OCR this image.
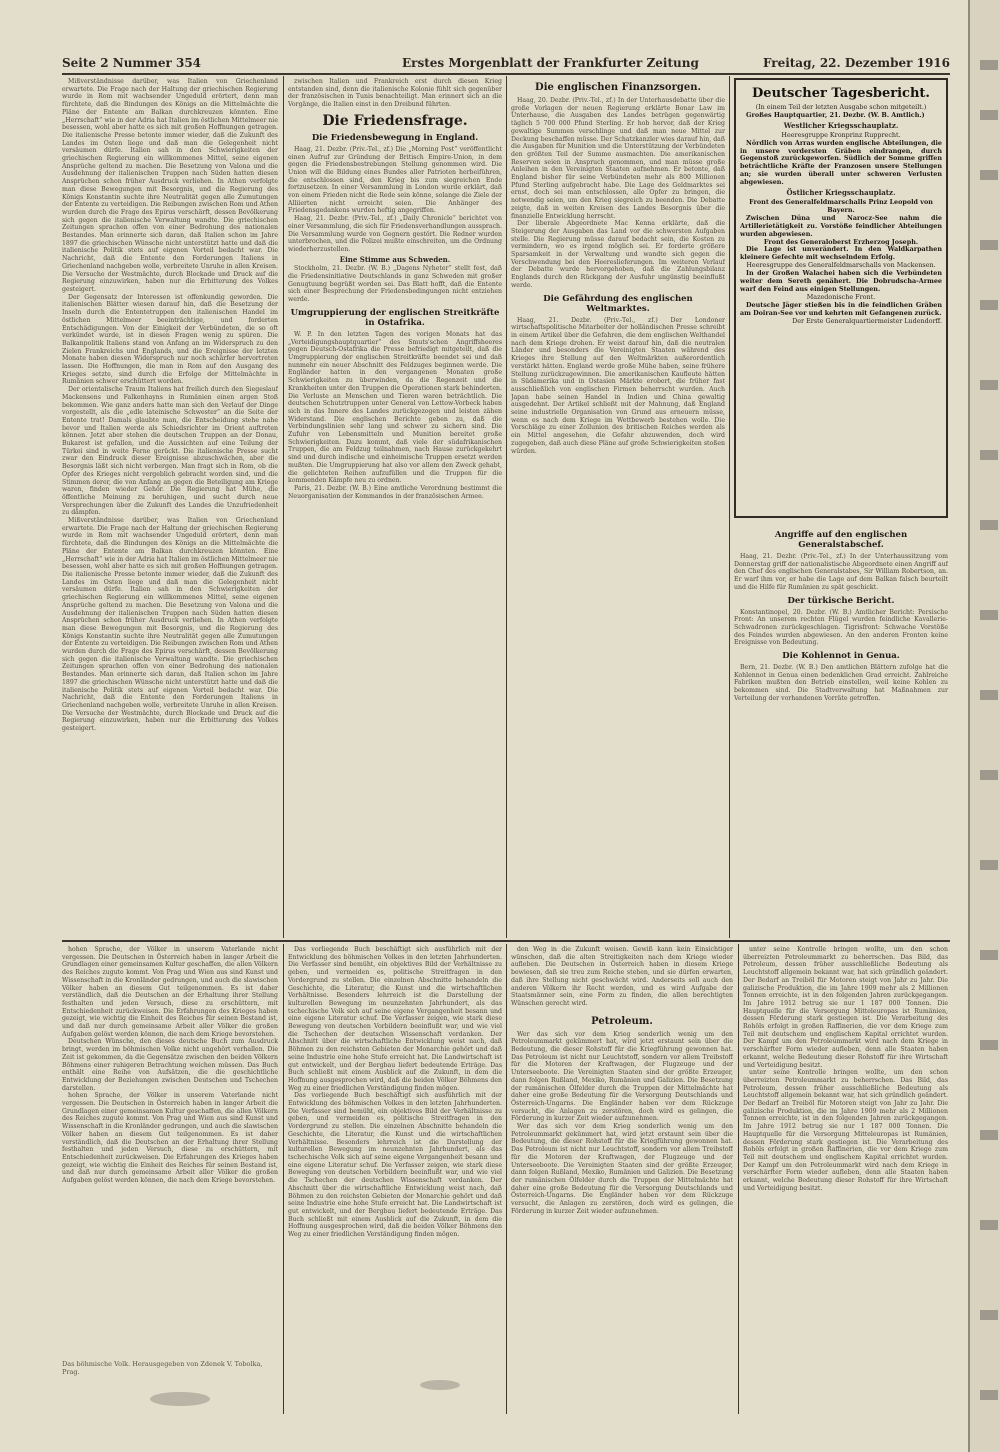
Seite 2 Nummer 354	Erstes Morgenblatt der Frankfurter Zeitung	Freitag, 22. Dezember 1916

Mißverständnisse darüber, was Italien von Griechenland erwartete. Die Frage nach der Haltung der griechischen Regierung wurde in Rom mit wachsender Ungeduld erörtert, denn man fürchtete, daß die Bindungen des Königs an die Mittelmächte die Pläne der Entente am Balkan durchkreuzen könnten. Eine „Herrschaft“ wie in der Adria hat Italien im östlichen Mittelmeer nie besessen, wohl aber hatte es sich mit großen Hoffnungen getragen. Die italienische Presse betonte immer wieder, daß die Zukunft des Landes im Osten liege und daß man die Gelegenheit nicht versäumen dürfe. Italien sah in den Schwierigkeiten der griechischen Regierung ein willkommenes Mittel, seine eigenen Ansprüche geltend zu machen. Die Besetzung von Valona und die Ausdehnung der italienischen Truppen nach Süden hatten diesen Ansprüchen schon früher Ausdruck verliehen. In Athen verfolgte man diese Bewegungen mit Besorgnis, und die Regierung des Königs Konstantin suchte ihre Neutralität gegen alle Zumutungen der Entente zu verteidigen. Die Reibungen zwischen Rom und Athen wurden durch die Frage des Epirus verschärft, dessen Bevölkerung sich gegen die italienische Verwaltung wandte. Die griechischen Zeitungen sprachen offen von einer Bedrohung des nationalen Bestandes. Man erinnerte sich daran, daß Italien schon im Jahre 1897 die griechischen Wünsche nicht unterstützt hatte und daß die italienische Politik stets auf eigenen Vorteil bedacht war. Die Nachricht, daß die Entente den Forderungen Italiens in Griechenland nachgeben wolle, verbreitete Unruhe in allen Kreisen. Die Versuche der Westmächte, durch Blockade und Druck auf die Regierung einzuwirken, haben nur die Erbitterung des Volkes gesteigert.

Der Gegensatz der Interessen ist offenkundig geworden. Die italienischen Blätter wiesen darauf hin, daß die Besetzung der Inseln durch die Ententetruppen den italienischen Handel im östlichen Mittelmeer beeinträchtige, und forderten Entschädigungen. Von der Einigkeit der Verbündeten, die so oft verkündet wurde, ist in diesen Fragen wenig zu spüren. Die Balkanpolitik Italiens stand von Anfang an im Widerspruch zu den Zielen Frankreichs und Englands, und die Ereignisse der letzten Monate haben diesen Widerspruch nur noch schärfer hervortreten lassen. Die Hoffnungen, die man in Rom auf den Ausgang des Krieges setzte, sind durch die Erfolge der Mittelmächte in Rumänien schwer erschüttert worden.

Der orientalische Traum Italiens hat freilich durch den Siegeslauf Mackensens und Falkenhayns in Rumänien einen argen Stoß bekommen. Wie ganz anders hatte man sich den Verlauf der Dinge vorgestellt, als die „edle lateinische Schwester“ an die Seite der Entente trat! Damals glaubte man, die Entscheidung stehe nahe bevor und Italien werde als Schiedsrichter im Orient auftreten können. Jetzt aber stehen die deutschen Truppen an der Donau, Bukarest ist gefallen, und die Aussichten auf eine Teilung der Türkei sind in weite Ferne gerückt. Die italienische Presse sucht zwar den Eindruck dieser Ereignisse abzuschwächen, aber die Besorgnis läßt sich nicht verbergen. Man fragt sich in Rom, ob die Opfer des Krieges nicht vergeblich gebracht worden sind, und die Stimmen derer, die von Anfang an gegen die Beteiligung am Kriege waren, finden wieder Gehör. Die Regierung hat Mühe, die öffentliche Meinung zu beruhigen, und sucht durch neue Versprechungen über die Zukunft des Landes die Unzufriedenheit zu dämpfen.

Mißverständnisse darüber, was Italien von Griechenland erwartete. Die Frage nach der Haltung der griechischen Regierung wurde in Rom mit wachsender Ungeduld erörtert, denn man fürchtete, daß die Bindungen des Königs an die Mittelmächte die Pläne der Entente am Balkan durchkreuzen könnten. Eine „Herrschaft“ wie in der Adria hat Italien im östlichen Mittelmeer nie besessen, wohl aber hatte es sich mit großen Hoffnungen getragen. Die italienische Presse betonte immer wieder, daß die Zukunft des Landes im Osten liege und daß man die Gelegenheit nicht versäumen dürfe. Italien sah in den Schwierigkeiten der griechischen Regierung ein willkommenes Mittel, seine eigenen Ansprüche geltend zu machen. Die Besetzung von Valona und die Ausdehnung der italienischen Truppen nach Süden hatten diesen Ansprüchen schon früher Ausdruck verliehen. In Athen verfolgte man diese Bewegungen mit Besorgnis, und die Regierung des Königs Konstantin suchte ihre Neutralität gegen alle Zumutungen der Entente zu verteidigen. Die Reibungen zwischen Rom und Athen wurden durch die Frage des Epirus verschärft, dessen Bevölkerung sich gegen die italienische Verwaltung wandte. Die griechischen Zeitungen sprachen offen von einer Bedrohung des nationalen Bestandes. Man erinnerte sich daran, daß Italien schon im Jahre 1897 die griechischen Wünsche nicht unterstützt hatte und daß die italienische Politik stets auf eigenen Vorteil bedacht war. Die Nachricht, daß die Entente den Forderungen Italiens in Griechenland nachgeben wolle, verbreitete Unruhe in allen Kreisen. Die Versuche der Westmächte, durch Blockade und Druck auf die Regierung einzuwirken, haben nur die Erbitterung des Volkes gesteigert.

zwischen Italien und Frankreich erst durch diesen Krieg entstanden sind, denn die italienische Kolonie fühlt sich gegenüber der französischen in Tunis benachteiligt. Man erinnert sich an die Vorgänge, die Italien einst in den Dreibund führten.

Die Friedensfrage.
Die Friedensbewegung in England.

Haag, 21. Dezbr. (Priv.-Tel., zf.) Die „Morning Post“ veröffentlicht einen Aufruf zur Gründung der Britisch Empire-Union, in dem gegen die Friedensbestrebungen Stellung genommen wird. Die Union will die Bildung eines Bundes aller Patrioten herbeiführen, die entschlossen sind, den Krieg bis zum siegreichen Ende fortzusetzen. In einer Versammlung in London wurde erklärt, daß von einem Frieden nicht die Rede sein könne, solange die Ziele der Alliierten nicht erreicht seien. Die Anhänger des Friedensgedankens wurden heftig angegriffen.

Haag, 21. Dezbr. (Priv.-Tel., zf.) „Daily Chronicle“ berichtet von einer Versammlung, die sich für Friedensverhandlungen aussprach. Die Versammlung wurde von Gegnern gestört. Die Redner wurden unterbrochen, und die Polizei mußte einschreiten, um die Ordnung wiederherzustellen.

Eine Stimme aus Schweden.

Stockholm, 21. Dezbr. (W. B.) „Dagens Nyheter“ stellt fest, daß die Friedensinitiative Deutschlands in ganz Schweden mit großer Genugtuung begrüßt worden sei. Das Blatt hofft, daß die Entente sich einer Besprechung der Friedensbedingungen nicht entziehen werde.

Umgruppierung der englischen Streitkräfte in Ostafrika.

W. P. In den letzten Tagen des vorigen Monats hat das „Verteidigungshauptquartier“ des Smuts'schen Angriffsheeres gegen Deutsch-Ostafrika die Presse befriedigt mitgeteilt, daß die Umgruppierung der englischen Streitkräfte beendet sei und daß nunmehr ein neuer Abschnitt des Feldzuges beginnen werde. Die Engländer hatten in den vergangenen Monaten große Schwierigkeiten zu überwinden, da die Regenzeit und die Krankheiten unter den Truppen die Operationen stark behinderten. Die Verluste an Menschen und Tieren waren beträchtlich. Die deutschen Schutztruppen unter General von Lettow-Vorbeck haben sich in das Innere des Landes zurückgezogen und leisten zähen Widerstand. Die englischen Berichte geben zu, daß die Verbindungslinien sehr lang und schwer zu sichern sind. Die Zufuhr von Lebensmitteln und Munition bereitet große Schwierigkeiten. Dazu kommt, daß viele der südafrikanischen Truppen, die am Feldzug teilnahmen, nach Hause zurückgekehrt sind und durch indische und einheimische Truppen ersetzt werden mußten. Die Umgruppierung hat also vor allem den Zweck gehabt, die gelichteten Reihen aufzufüllen und die Truppen für die kommenden Kämpfe neu zu ordnen.

Paris, 21. Dezbr. (W. B.) Eine amtliche Verordnung bestimmt die Neuorganisation der Kommandos in der französischen Armee.

Die englischen Finanzsorgen.

Haag, 20. Dezbr. (Priv.-Tel., zf.) In der Unterhausdebatte über die große Vorlagen der neuen Regierung erklärte Bonar Law im Unterhause, die Ausgaben des Landes betrügen gegenwärtig täglich 5 700 000 Pfund Sterling. Er hob hervor, daß der Krieg gewaltige Summen verschlinge und daß man neue Mittel zur Deckung beschaffen müsse. Der Schatzkanzler wies darauf hin, daß die Ausgaben für Munition und die Unterstützung der Verbündeten den größten Teil der Summe ausmachten. Die amerikanischen Reserven seien in Anspruch genommen, und man müsse große Anleihen in den Vereinigten Staaten aufnehmen. Er betonte, daß England bisher für seine Verbündeten mehr als 800 Millionen Pfund Sterling aufgebracht habe. Die Lage des Geldmarktes sei ernst, doch sei man entschlossen, alle Opfer zu bringen, die notwendig seien, um den Krieg siegreich zu beenden. Die Debatte zeigte, daß in weiten Kreisen des Landes Besorgnis über die finanzielle Entwicklung herrscht.

Der liberale Abgeordnete Mac Kenna erklärte, daß die Steigerung der Ausgaben das Land vor die schwersten Aufgaben stelle. Die Regierung müsse darauf bedacht sein, die Kosten zu vermindern, wo es irgend möglich sei. Er forderte größere Sparsamkeit in der Verwaltung und wandte sich gegen die Verschwendung bei den Heereslieferungen. Im weiteren Verlauf der Debatte wurde hervorgehoben, daß die Zahlungsbilanz Englands durch den Rückgang der Ausfuhr ungünstig beeinflußt werde.

Die Gefährdung des englischen Weltmarktes.

Haag, 21. Dezbr. (Priv.-Tel., zf.) Der Londoner wirtschaftspolitische Mitarbeiter der holländischen Presse schreibt in einem Artikel über die Gefahren, die dem englischen Welthandel nach dem Kriege drohen. Er weist darauf hin, daß die neutralen Länder und besonders die Vereinigten Staaten während des Krieges ihre Stellung auf den Weltmärkten außerordentlich verstärkt hätten. England werde große Mühe haben, seine frühere Stellung zurückzugewinnen. Die amerikanischen Kaufleute hätten in Südamerika und in Ostasien Märkte erobert, die früher fast ausschließlich von englischen Firmen beherrscht wurden. Auch Japan habe seinen Handel in Indien und China gewaltig ausgedehnt. Der Artikel schließt mit der Mahnung, daß England seine industrielle Organisation von Grund aus erneuern müsse, wenn es nach dem Kriege im Wettbewerb bestehen wolle. Die Vorschläge zu einer Zollunion des britischen Reiches werden als ein Mittel angesehen, die Gefahr abzuwenden, doch wird zugegeben, daß auch diese Pläne auf große Schwierigkeiten stoßen würden.

Deutscher Tagesbericht.

(In einem Teil der letzten Ausgabe schon mitgeteilt.)

Großes Hauptquartier, 21. Dezbr. (W. B. Amtlich.)

Westlicher Kriegsschauplatz.

Heeresgruppe Kronprinz Rupprecht.

Nördlich von Arras wurden englische Abteilungen, die in unsere vordersten Gräben eindrangen, durch Gegenstoß zurückgeworfen. Südlich der Somme griffen beträchtliche Kräfte der Franzosen unsere Stellungen an; sie wurden überall unter schweren Verlusten abgewiesen.

Östlicher Kriegsschauplatz.

Front des Generalfeldmarschalls Prinz Leopold von Bayern.

Zwischen Düna und Narocz-See nahm die Artillerietätigkeit zu. Vorstöße feindlicher Abteilungen wurden abgewiesen.

Front des Generaloberst Erzherzog Joseph.

Die Lage ist unverändert. In den Waldkarpathen kleinere Gefechte mit wechselndem Erfolg.

Heeresgruppe des Generalfeldmarschalls von Mackensen.

In der Großen Walachei haben sich die Verbündeten weiter dem Sereth genähert. Die Dobrudscha-Armee warf den Feind aus einigen Stellungen.

Mazedonische Front.

Deutsche Jäger stießen bis in die feindlichen Gräben am Doiran-See vor und kehrten mit Gefangenen zurück.

Der Erste Generalquartiermeister Ludendorff.

Angriffe auf den englischen Generalstabschef.

Haag, 21. Dezbr. (Priv.-Tel., zf.) In der Unterhaussitzung vom Donnerstag griff der nationalistische Abgeordnete einen Angriff auf den Chef des englischen Generalstabes, Sir William Robertson, an. Er warf ihm vor, er habe die Lage auf dem Balkan falsch beurteilt und die Hilfe für Rumänien zu spät geschickt.

Der türkische Bericht.

Konstantinopel, 20. Dezbr. (W. B.) Amtlicher Bericht: Persische Front: An unserem rechten Flügel wurden feindliche Kavallerie-Schwadronen zurückgeschlagen. Tigrisfront: Schwache Vorstöße des Feindes wurden abgewiesen. An den anderen Fronten keine Ereignisse von Bedeutung.

Die Kohlennot in Genua.

Bern, 21. Dezbr. (W. B.) Den amtlichen Blättern zufolge hat die Kohlennot in Genua einen bedenklichen Grad erreicht. Zahlreiche Fabriken mußten den Betrieb einstellen, weil keine Kohlen zu bekommen sind. Die Stadtverwaltung hat Maßnahmen zur Verteilung der vorhandenen Vorräte getroffen.

hohen Sprache, der Völker in unserem Vaterlande nicht vergessen. Die Deutschen in Österreich haben in langer Arbeit die Grundlagen einer gemeinsamen Kultur geschaffen, die allen Völkern des Reiches zugute kommt. Von Prag und Wien aus sind Kunst und Wissenschaft in die Kronländer gedrungen, und auch die slawischen Völker haben an diesem Gut teilgenommen. Es ist daher verständlich, daß die Deutschen an der Erhaltung ihrer Stellung festhalten und jeden Versuch, diese zu erschüttern, mit Entschiedenheit zurückweisen. Die Erfahrungen des Krieges haben gezeigt, wie wichtig die Einheit des Reiches für seinen Bestand ist, und daß nur durch gemeinsame Arbeit aller Völker die großen Aufgaben gelöst werden können, die nach dem Kriege bevorstehen.

Deutschen Wünsche, den dieses deutsche Buch zum Ausdruck bringt, werden im böhmischen Volke nicht ungehört verhallen. Die Zeit ist gekommen, da die Gegensätze zwischen den beiden Völkern Böhmens einer ruhigeren Betrachtung weichen müssen. Das Buch enthält eine Reihe von Aufsätzen, die die geschichtliche Entwicklung der Beziehungen zwischen Deutschen und Tschechen darstellen.

hohen Sprache, der Völker in unserem Vaterlande nicht vergessen. Die Deutschen in Österreich haben in langer Arbeit die Grundlagen einer gemeinsamen Kultur geschaffen, die allen Völkern des Reiches zugute kommt. Von Prag und Wien aus sind Kunst und Wissenschaft in die Kronländer gedrungen, und auch die slawischen Völker haben an diesem Gut teilgenommen. Es ist daher verständlich, daß die Deutschen an der Erhaltung ihrer Stellung festhalten und jeden Versuch, diese zu erschüttern, mit Entschiedenheit zurückweisen. Die Erfahrungen des Krieges haben gezeigt, wie wichtig die Einheit des Reiches für seinen Bestand ist, und daß nur durch gemeinsame Arbeit aller Völker die großen Aufgaben gelöst werden können, die nach dem Kriege bevorstehen.

Das böhmische Volk. Herausgegeben von Zdenek V. Tobolka, Prag.

Das vorliegende Buch beschäftigt sich ausführlich mit der Entwicklung des böhmischen Volkes in den letzten Jahrhunderten. Die Verfasser sind bemüht, ein objektives Bild der Verhältnisse zu geben, und vermeiden es, politische Streitfragen in den Vordergrund zu stellen. Die einzelnen Abschnitte behandeln die Geschichte, die Literatur, die Kunst und die wirtschaftlichen Verhältnisse. Besonders lehrreich ist die Darstellung der kulturellen Bewegung im neunzehnten Jahrhundert, als das tschechische Volk sich auf seine eigene Vergangenheit besann und eine eigene Literatur schuf. Die Verfasser zeigen, wie stark diese Bewegung von deutschen Vorbildern beeinflußt war, und wie viel die Tschechen der deutschen Wissenschaft verdanken. Der Abschnitt über die wirtschaftliche Entwicklung weist nach, daß Böhmen zu den reichsten Gebieten der Monarchie gehört und daß seine Industrie eine hohe Stufe erreicht hat. Die Landwirtschaft ist gut entwickelt, und der Bergbau liefert bedeutende Erträge. Das Buch schließt mit einem Ausblick auf die Zukunft, in dem die Hoffnung ausgesprochen wird, daß die beiden Völker Böhmens den Weg zu einer friedlichen Verständigung finden mögen.

Das vorliegende Buch beschäftigt sich ausführlich mit der Entwicklung des böhmischen Volkes in den letzten Jahrhunderten. Die Verfasser sind bemüht, ein objektives Bild der Verhältnisse zu geben, und vermeiden es, politische Streitfragen in den Vordergrund zu stellen. Die einzelnen Abschnitte behandeln die Geschichte, die Literatur, die Kunst und die wirtschaftlichen Verhältnisse. Besonders lehrreich ist die Darstellung der kulturellen Bewegung im neunzehnten Jahrhundert, als das tschechische Volk sich auf seine eigene Vergangenheit besann und eine eigene Literatur schuf. Die Verfasser zeigen, wie stark diese Bewegung von deutschen Vorbildern beeinflußt war, und wie viel die Tschechen der deutschen Wissenschaft verdanken. Der Abschnitt über die wirtschaftliche Entwicklung weist nach, daß Böhmen zu den reichsten Gebieten der Monarchie gehört und daß seine Industrie eine hohe Stufe erreicht hat. Die Landwirtschaft ist gut entwickelt, und der Bergbau liefert bedeutende Erträge. Das Buch schließt mit einem Ausblick auf die Zukunft, in dem die Hoffnung ausgesprochen wird, daß die beiden Völker Böhmens den Weg zu einer friedlichen Verständigung finden mögen.

den Weg in die Zukunft weisen. Gewiß kann kein Einsichtiger wünschen, daß die alten Streitigkeiten nach dem Kriege wieder aufleben. Die Deutschen in Österreich haben in diesem Kriege bewiesen, daß sie treu zum Reiche stehen, und sie dürfen erwarten, daß ihre Stellung nicht geschwächt wird. Anderseits soll auch den anderen Völkern ihr Recht werden, und es wird Aufgabe der Staatsmänner sein, eine Form zu finden, die allen berechtigten Wünschen gerecht wird.

Petroleum.

Wer das sich vor dem Krieg sonderlich wenig um den Petroleummarkt gekümmert hat, wird jetzt erstaunt sein über die Bedeutung, die dieser Rohstoff für die Kriegführung gewonnen hat. Das Petroleum ist nicht nur Leuchtstoff, sondern vor allem Treibstoff für die Motoren der Kraftwagen, der Flugzeuge und der Unterseeboote. Die Vereinigten Staaten sind der größte Erzeuger, dann folgen Rußland, Mexiko, Rumänien und Galizien. Die Besetzung der rumänischen Ölfelder durch die Truppen der Mittelmächte hat daher eine große Bedeutung für die Versorgung Deutschlands und Österreich-Ungarns. Die Engländer haben vor dem Rückzuge versucht, die Anlagen zu zerstören, doch wird es gelingen, die Förderung in kurzer Zeit wieder aufzunehmen.

Wer das sich vor dem Krieg sonderlich wenig um den Petroleummarkt gekümmert hat, wird jetzt erstaunt sein über die Bedeutung, die dieser Rohstoff für die Kriegführung gewonnen hat. Das Petroleum ist nicht nur Leuchtstoff, sondern vor allem Treibstoff für die Motoren der Kraftwagen, der Flugzeuge und der Unterseeboote. Die Vereinigten Staaten sind der größte Erzeuger, dann folgen Rußland, Mexiko, Rumänien und Galizien. Die Besetzung der rumänischen Ölfelder durch die Truppen der Mittelmächte hat daher eine große Bedeutung für die Versorgung Deutschlands und Österreich-Ungarns. Die Engländer haben vor dem Rückzuge versucht, die Anlagen zu zerstören, doch wird es gelingen, die Förderung in kurzer Zeit wieder aufzunehmen.

unter seine Kontrolle bringen wollte, um den schon überreizten Petroleummarkt zu beherrschen. Das Bild, das Petroleum, dessen früher ausschließliche Bedeutung als Leuchtstoff allgemein bekannt war, hat sich gründlich geändert. Der Bedarf an Treiböl für Motoren steigt von Jahr zu Jahr. Die galizische Produktion, die im Jahre 1909 mehr als 2 Millionen Tonnen erreichte, ist in den folgenden Jahren zurückgegangen. Im Jahre 1912 betrug sie nur 1 187 000 Tonnen. Die Hauptquelle für die Versorgung Mitteleuropas ist Rumänien, dessen Förderung stark gestiegen ist. Die Verarbeitung des Rohöls erfolgt in großen Raffinerien, die vor dem Kriege zum Teil mit deutschem und englischem Kapital errichtet wurden. Der Kampf um den Petroleummarkt wird nach dem Kriege in verschärfter Form wieder aufleben, denn alle Staaten haben erkannt, welche Bedeutung dieser Rohstoff für ihre Wirtschaft und Verteidigung besitzt.

unter seine Kontrolle bringen wollte, um den schon überreizten Petroleummarkt zu beherrschen. Das Bild, das Petroleum, dessen früher ausschließliche Bedeutung als Leuchtstoff allgemein bekannt war, hat sich gründlich geändert. Der Bedarf an Treiböl für Motoren steigt von Jahr zu Jahr. Die galizische Produktion, die im Jahre 1909 mehr als 2 Millionen Tonnen erreichte, ist in den folgenden Jahren zurückgegangen. Im Jahre 1912 betrug sie nur 1 187 000 Tonnen. Die Hauptquelle für die Versorgung Mitteleuropas ist Rumänien, dessen Förderung stark gestiegen ist. Die Verarbeitung des Rohöls erfolgt in großen Raffinerien, die vor dem Kriege zum Teil mit deutschem und englischem Kapital errichtet wurden. Der Kampf um den Petroleummarkt wird nach dem Kriege in verschärfter Form wieder aufleben, denn alle Staaten haben erkannt, welche Bedeutung dieser Rohstoff für ihre Wirtschaft und Verteidigung besitzt.
